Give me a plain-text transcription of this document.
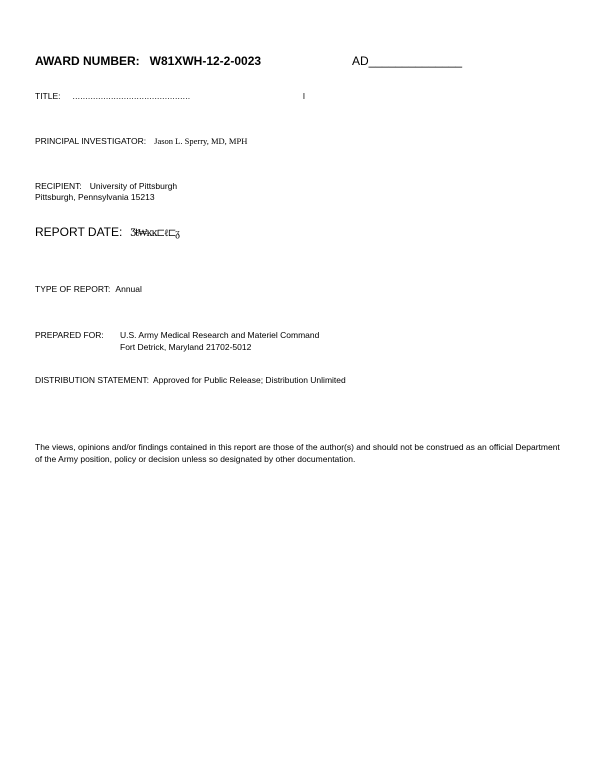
AWARD NUMBER: W81XWH-12-2-0023	AD______________
TITLE: ..............................................	l
PRINCIPAL INVESTIGATOR: Jason L. Sperry, MD, MPH
RECIPIENT: University of Pittsburgh
Pittsburgh, Pennsylvania 15213
REPORT DATE: Ʒŧ₩ĸĸ⊏ℓ⊏ᵹ
TYPE OF REPORT: Annual
PREPARED FOR: U.S. Army Medical Research and Materiel Command
Fort Detrick, Maryland 21702-5012
DISTRIBUTION STATEMENT: Approved for Public Release; Distribution Unlimited
The views, opinions and/or findings contained in this report are those of the author(s) and should not be construed as an official Department of the Army position, policy or decision unless so designated by other documentation.
